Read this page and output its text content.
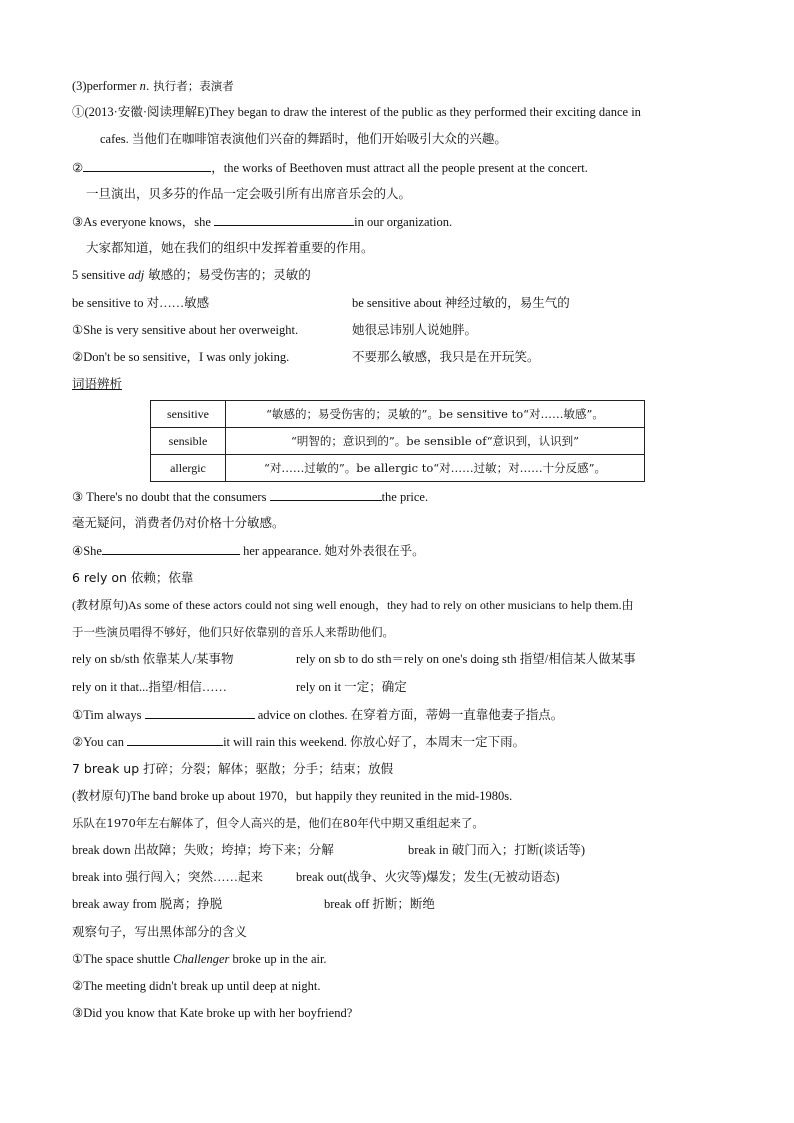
(3)performer n. 执行者；表演者
①(2013·安徽·阅读理解E)They began to draw the interest of the public as they performed their exciting dance in
cafes. 当他们在咖啡馆表演他们兴奋的舞蹈时，他们开始吸引大众的兴趣。
②	，the works of Beethoven must attract all the people present at the concert.
一旦演出，贝多芬的作品一定会吸引所有出席音乐会的人。
③As everyone knows，she	in our organization.
大家都知道，她在我们的组织中发挥着重要的作用。
5 sensitive adj 敏感的；易受伤害的；灵敏的
be sensitive to 对……敏感	be sensitive about 神经过敏的，易生气的
①She is very sensitive about her overweight.	她很忌讳别人说她胖。
②Don't be so sensitive，I was only joking.	不要那么敏感，我只是在开玩笑。
词语辨析
sensitive	“敏感的；易受伤害的；灵敏的”。be sensitive to“对……敏感”。
sensible	“明智的；意识到的”。be sensible of“意识到，认识到”
allergic	“对……过敏的”。be allergic to“对……过敏；对……十分反感”。
③ There's no doubt that the consumers	the price.
毫无疑问，消费者仍对价格十分敏感。
④She	her appearance. 她对外表很在乎。
6 rely on 依赖；依靠
(教材原句)As some of these actors could not sing well enough，they had to rely on other musicians to help them.由
于一些演员唱得不够好，他们只好依靠别的音乐人来帮助他们。
rely on sb/sth 依靠某人/某事物	rely on sb to do sth＝rely on one's doing sth 指望/相信某人做某事
rely on it that...指望/相信……	rely on it 一定；确定
①Tim always	advice on clothes. 在穿着方面，蒂姆一直靠他妻子指点。
②You can	it will rain this weekend. 你放心好了，本周末一定下雨。
7 break up 打碎；分裂；解体；驱散；分手；结束；放假
(教材原句)The band broke up about 1970，but happily they reunited in the mid-1980s.
乐队在1970年左右解体了，但令人高兴的是，他们在80年代中期又重组起来了。
break down 出故障；失败；垮掉；垮下来；分解	break in 破门而入；打断(谈话等)
break into 强行闯入；突然……起来	break out(战争、火灾等)爆发；发生(无被动语态)
break away from 脱离；挣脱	break off 折断；断绝
观察句子，写出黑体部分的含义
①The space shuttle Challenger broke up in the air.
②The meeting didn't break up until deep at night.
③Did you know that Kate broke up with her boyfriend?
